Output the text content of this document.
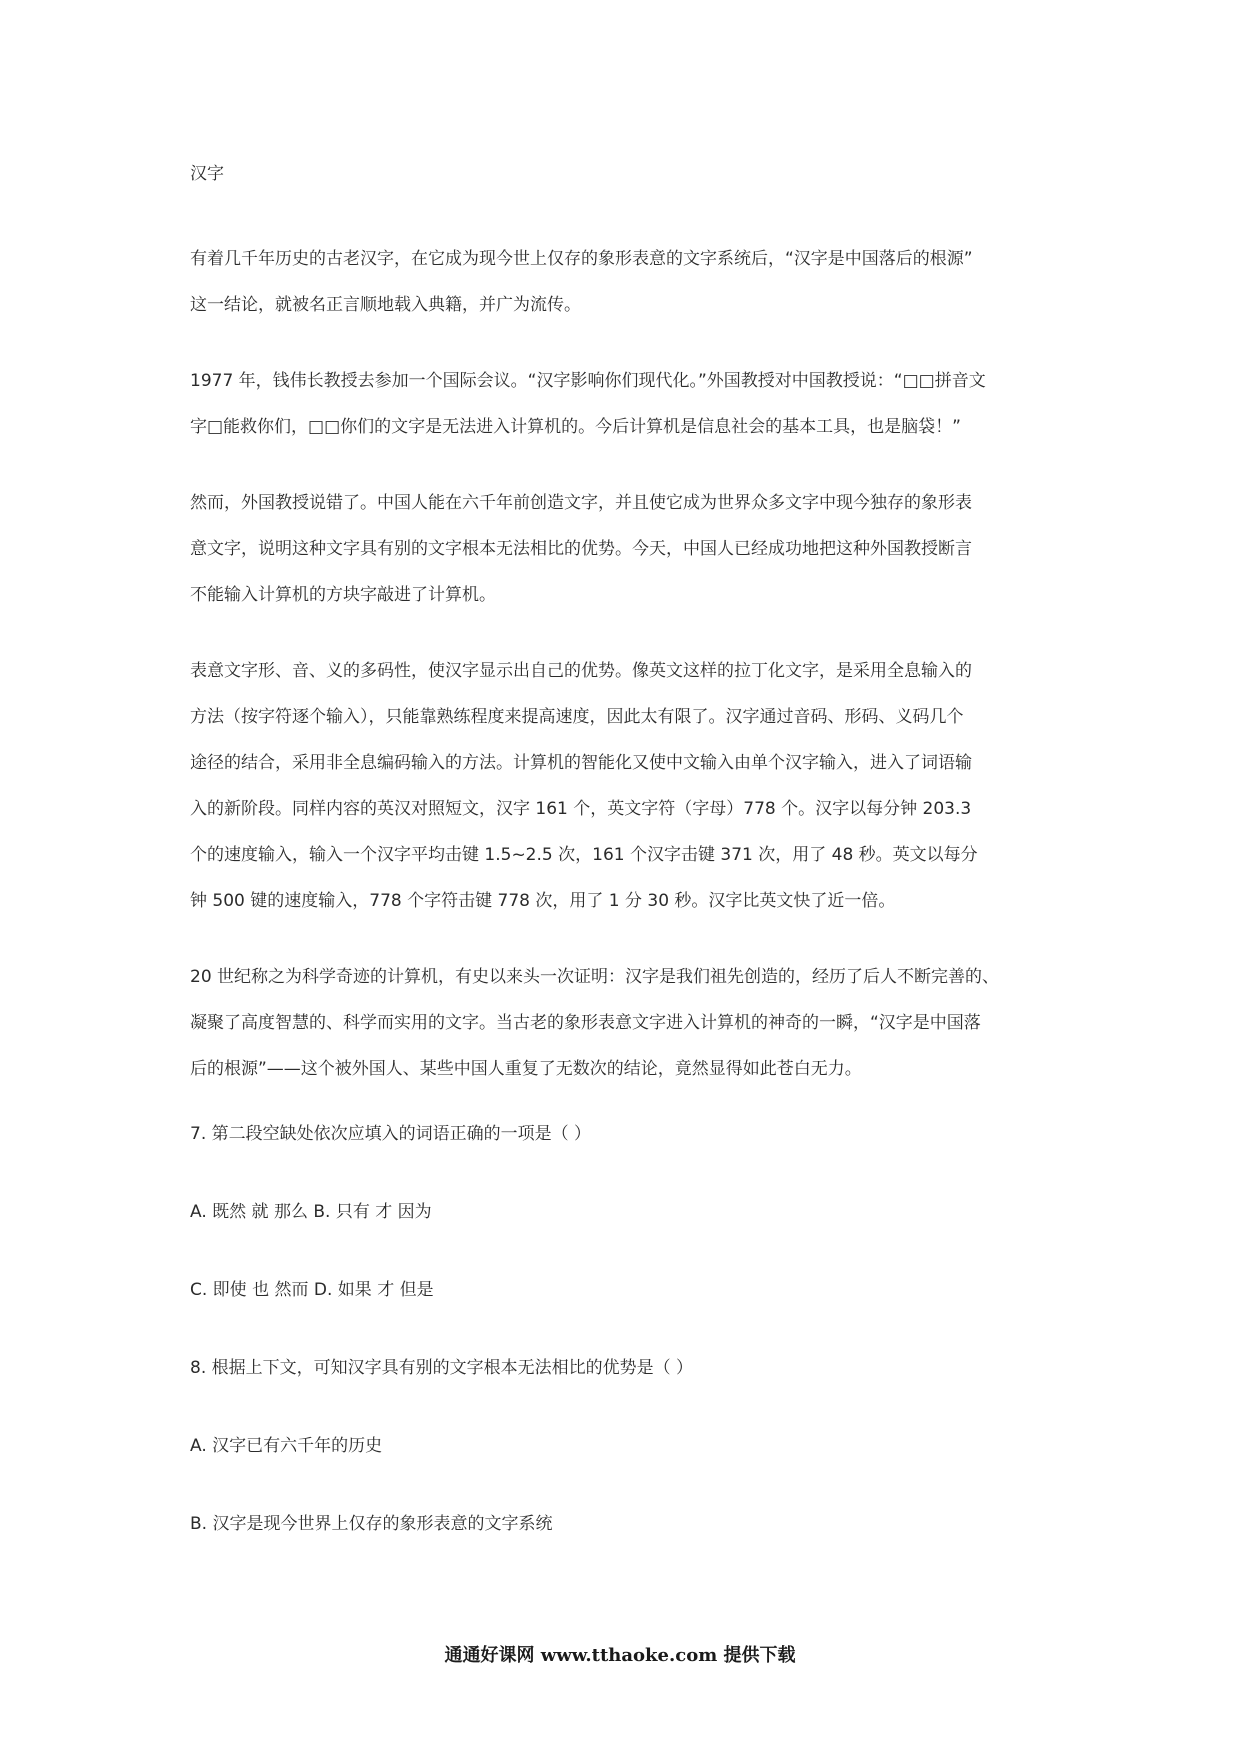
汉字
有着几千年历史的古老汉字，在它成为现今世上仅存的象形表意的文字系统后，“汉字是中国落后的根源”
这一结论，就被名正言顺地载入典籍，并广为流传。
1977 年，钱伟长教授去参加一个国际会议。“汉字影响你们现代化。”外国教授对中国教授说：“□□拼音文
字□能救你们，□□你们的文字是无法进入计算机的。今后计算机是信息社会的基本工具，也是脑袋！”
然而，外国教授说错了。中国人能在六千年前创造文字，并且使它成为世界众多文字中现今独存的象形表
意文字，说明这种文字具有别的文字根本无法相比的优势。今天，中国人已经成功地把这种外国教授断言
不能输入计算机的方块字敲进了计算机。
表意文字形、音、义的多码性，使汉字显示出自己的优势。像英文这样的拉丁化文字，是采用全息输入的
方法（按字符逐个输入），只能靠熟练程度来提高速度，因此太有限了。汉字通过音码、形码、义码几个
途径的结合，采用非全息编码输入的方法。计算机的智能化又使中文输入由单个汉字输入，进入了词语输
入的新阶段。同样内容的英汉对照短文，汉字 161 个，英文字符（字母）778 个。汉字以每分钟 203.3
个的速度输入，输入一个汉字平均击键 1.5~2.5 次，161 个汉字击键 371 次，用了 48 秒。英文以每分
钟 500 键的速度输入，778 个字符击键 778 次，用了 1 分 30 秒。汉字比英文快了近一倍。
20 世纪称之为科学奇迹的计算机，有史以来头一次证明：汉字是我们祖先创造的，经历了后人不断完善的、
凝聚了高度智慧的、科学而实用的文字。当古老的象形表意文字进入计算机的神奇的一瞬，“汉字是中国落
后的根源”——这个被外国人、某些中国人重复了无数次的结论，竟然显得如此苍白无力。
7. 第二段空缺处依次应填入的词语正确的一项是（ ）
A. 既然 就 那么 B. 只有 才 因为
C. 即使 也 然而 D. 如果 才 但是
8. 根据上下文，可知汉字具有别的文字根本无法相比的优势是（ ）
A. 汉字已有六千年的历史
B. 汉字是现今世界上仅存的象形表意的文字系统
通通好课网 www.tthaoke.com 提供下载
